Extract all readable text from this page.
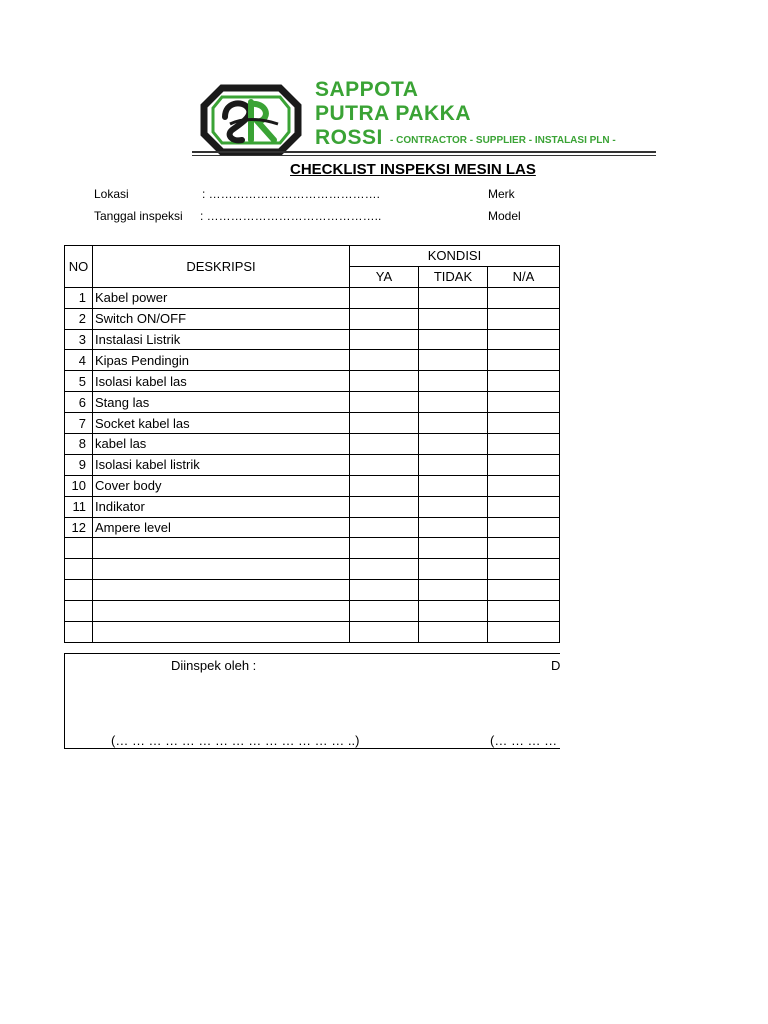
SAPPOTA
PUTRA PAKKA
ROSSI - CONTRACTOR - SUPPLIER - INSTALASI PLN -
CHECKLIST INSPEKSI MESIN LAS
Lokasi	: …………………………………….
Tanggal inspeksi : ……………………………………..
Merk
Model
NO	DESKRIPSI	KONDISI		
		YA	TIDAK	N/A
1	Kabel power			
2	Switch ON/OFF			
3	Instalasi Listrik			
4	Kipas Pendingin			
5	Isolasi kabel las			
6	Stang las			
7	Socket kabel las			
8	kabel las			
9	Isolasi kabel listrik			
10	Cover body			
11	Indikator			
12	Ampere level			

Diinspek oleh :	D
(… … … … … … … … … … … … … … ..)	(… … … …
